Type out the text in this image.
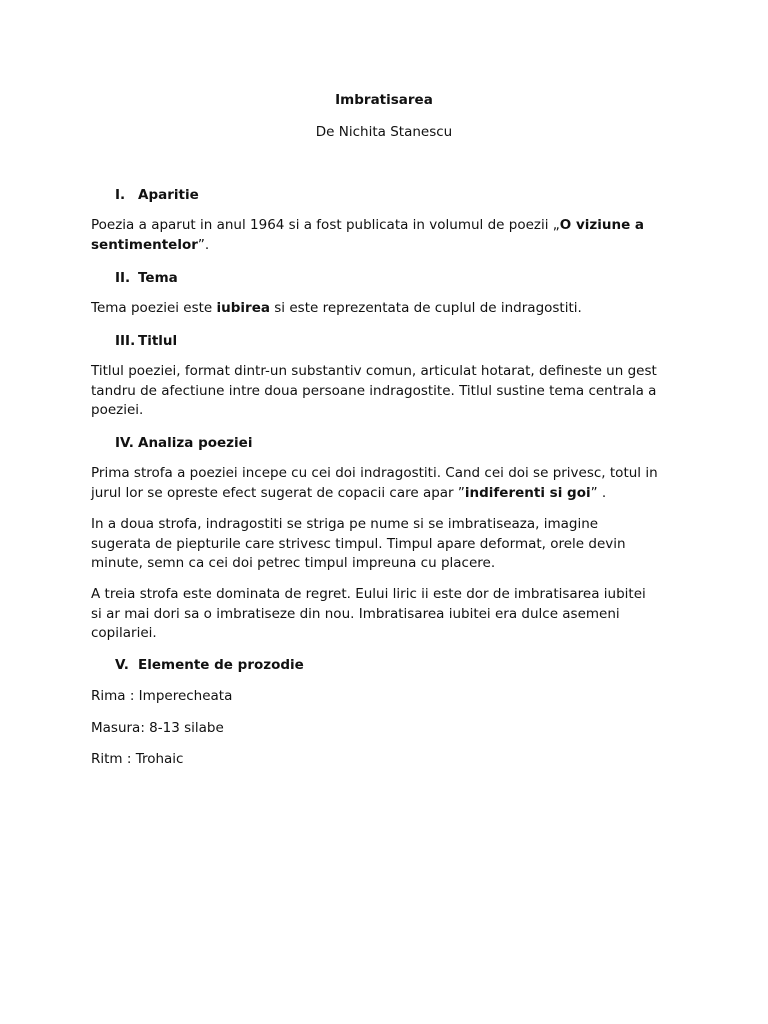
Imbratisarea
De Nichita Stanescu
I. Aparitie
Poezia a aparut in anul 1964 si a fost publicata in volumul de poezii „O viziune a
sentimentelor”.
II. Tema
Tema poeziei este iubirea si este reprezentata de cuplul de indragostiti.
III. Titlul
Titlul poeziei, format dintr-un substantiv comun, articulat hotarat, defineste un gest
tandru de afectiune intre doua persoane indragostite. Titlul sustine tema centrala a
poeziei.
IV. Analiza poeziei
Prima strofa a poeziei incepe cu cei doi indragostiti. Cand cei doi se privesc, totul in
jurul lor se opreste efect sugerat de copacii care apar ”indiferenti si goi” .
In a doua strofa, indragostiti se striga pe nume si se imbratiseaza, imagine
sugerata de piepturile care strivesc timpul. Timpul apare deformat, orele devin
minute, semn ca cei doi petrec timpul impreuna cu placere.
A treia strofa este dominata de regret. Eului liric ii este dor de imbratisarea iubitei
si ar mai dori sa o imbratiseze din nou. Imbratisarea iubitei era dulce asemeni
copilariei.
V. Elemente de prozodie
Rima : Imperecheata
Masura: 8-13 silabe
Ritm : Trohaic
